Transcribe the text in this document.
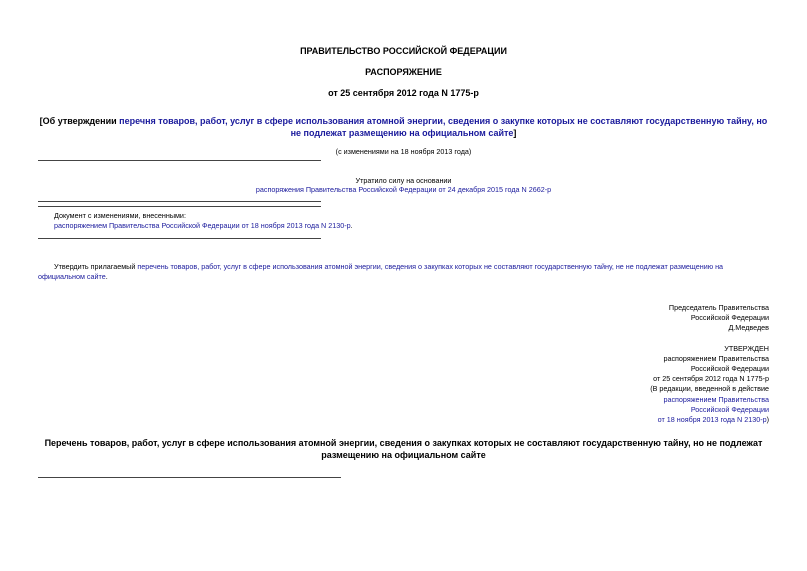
ПРАВИТЕЛЬСТВО РОССИЙСКОЙ ФЕДЕРАЦИИ
РАСПОРЯЖЕНИЕ
от 25 сентября 2012 года N 1775-р
[Об утверждении перечня товаров, работ, услуг в сфере использования атомной энергии, сведения о закупке которых не составляют государственную тайну, но
не подлежат размещению на официальном сайте]
(с изменениями на 18 ноября 2013 года)
Утратило силу на основании
распоряжения Правительства Российской Федерации от 24 декабря 2015 года N 2662-р
Документ с изменениями, внесенными:
распоряжением Правительства Российской Федерации от 18 ноября 2013 года N 2130-р.
Утвердить прилагаемый перечень товаров, работ, услуг в сфере использования атомной энергии, сведения о закупках которых не составляют государственную тайну, не не подлежат размещению на
официальном сайте.
Председатель Правительства
Российской Федерации
Д.Медведев
УТВЕРЖДЕН
распоряжением Правительства
Российской Федерации
от 25 сентября 2012 года N 1775-р
(В редакции, введенной в действие
распоряжением Правительства
Российской Федерации
от 18 ноября 2013 года N 2130-р)
Перечень товаров, работ, услуг в сфере использования атомной энергии, сведения о закупках которых не составляют государственную тайну, но не подлежат
размещению на официальном сайте
